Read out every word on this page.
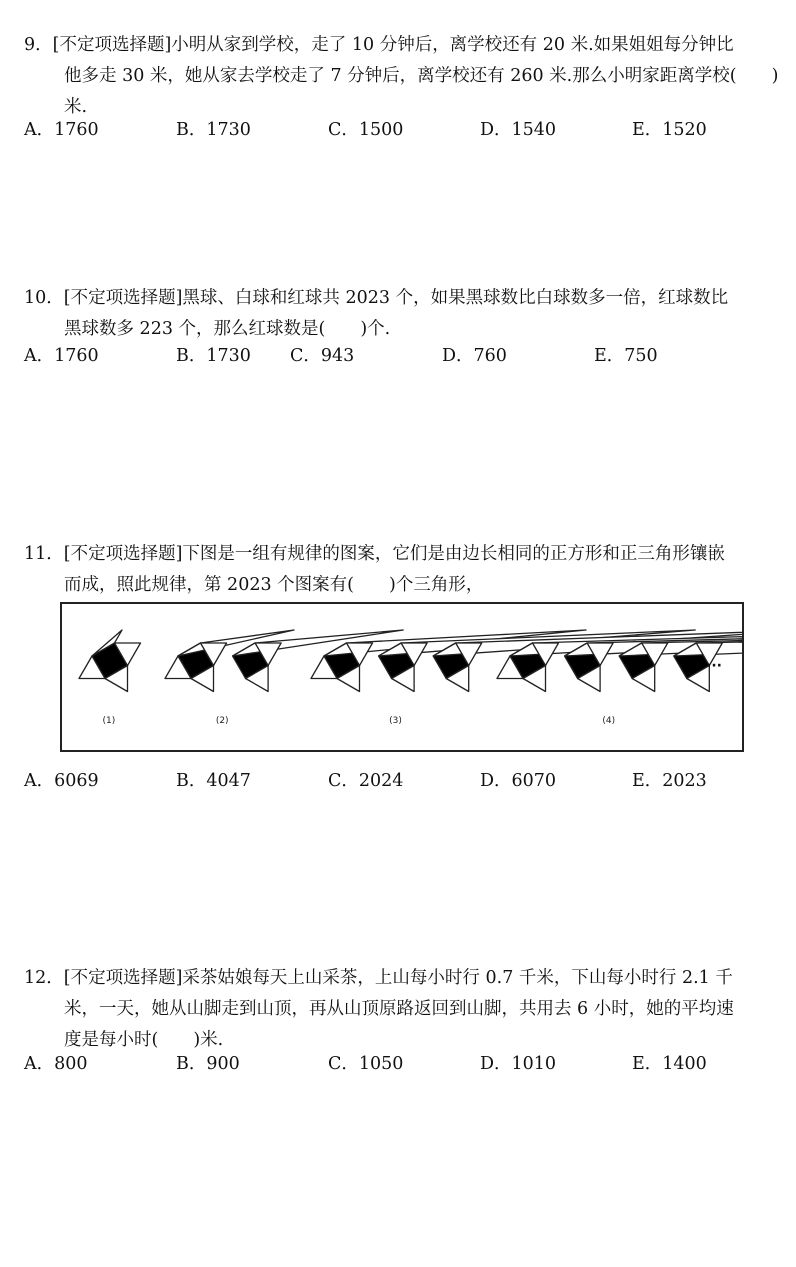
9．[不定项选择题]小明从家到学校，走了 10 分钟后，离学校还有 20 米.如果姐姐每分钟比
他多走 30 米，她从家去学校走了 7 分钟后，离学校还有 260 米.那么小明家距离学校(　　)
米.
A．1760	B．1730	C．1500	D．1540	E．1520
10．[不定项选择题]黑球、白球和红球共 2023 个，如果黑球数比白球数多一倍，红球数比
黑球数多 223 个，那么红球数是(　　)个.
A．1760	B．1730 C．943	D．760	E．750
11．[不定项选择题]下图是一组有规律的图案，它们是由边长相同的正方形和正三角形镶嵌
而成，照此规律，第 2023 个图案有(　　)个三角形，
(1)	(2)	(3)	(4)
···
A．6069	B．4047	C．2024	D．6070	E．2023
12．[不定项选择题]采茶姑娘每天上山采茶，上山每小时行 0.7 千米，下山每小时行 2.1 千
米，一天，她从山脚走到山顶，再从山顶原路返回到山脚，共用去 6 小时，她的平均速
度是每小时(　　)米.
A．800	B．900	C．1050	D．1010	E．1400
